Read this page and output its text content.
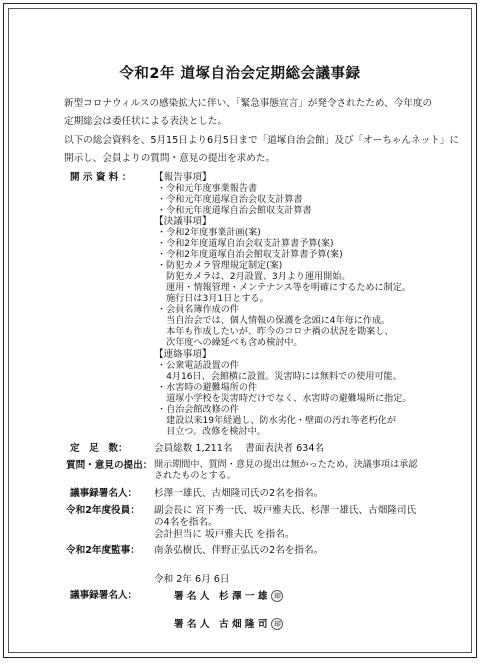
令和2年 道塚自治会定期総会議事録
新型コロナウィルスの感染拡大に伴い、「緊急事態宣言」が発令されたため、今年度の
定期総会は委任状による表決とした。
以下の総会資料を、5月15日より6月5日まで「道塚自治会館」及び「オーちゃんネット」に
開示し、会員よりの質問・意見の提出を求めた。
開 示 資 料 ： 【報告事項】
・令和元年度事業報告書
・令和元年度道塚自治会収支計算書
・令和元年度道塚自治会館収支計算書
【決議事項】
・令和2年度事業計画(案)
・令和2年度道塚自治会収支計算書予算(案)
・令和2年度道塚自治会館収支計算書予算(案)
・防犯カメラ管理規定制定(案)
　防犯カメラは、2月設置、3月より運用開始。
　運用・情報管理・メンテナンス等を明確にするために制定。
　施行日は3月1日とする。
・会員名簿作成の件
　当自治会では、個人情報の保護を念頭に4年毎に作成。
　本年も作成したいが、昨今のコロナ禍の状況を勘案し、
　次年度への繰延べも含め検討中。
【連絡事項】
・公衆電話設置の件
　4月16日、会館横に設置。災害時には無料での使用可能。
・水害時の避難場所の件
　道塚小学校を災害時だけでなく、水害時の避難場所に指定。
・自治会館改修の件
　建設以来19年経過し、防水劣化・壁面の汚れ等老朽化が
　目立つ。改修を検討中。
定　足　数：	会員総数 1,211名　 書面表決者 634名
質問・意見の提出： 開示期間中、質問・意見の提出は無かったため、決議事項は承認
されたものとする。
議事録署名人： 杉澤一雄氏、古畑隆司氏の2名を指名。
令和2年度役員： 副会長に 宮下秀一氏、坂戸雅夫氏、杉澤一雄氏、古畑隆司氏
の4名を指名。
会計担当に 坂戸雅夫氏 を指名。
令和2年度監事： 南条弘樹氏、伴野正弘氏の2名を指名。
令和 2年 6月 6日
議事録署名人：	署 名 人　杉 澤 一 雄 印
署 名 人　古 畑 隆 司 印
